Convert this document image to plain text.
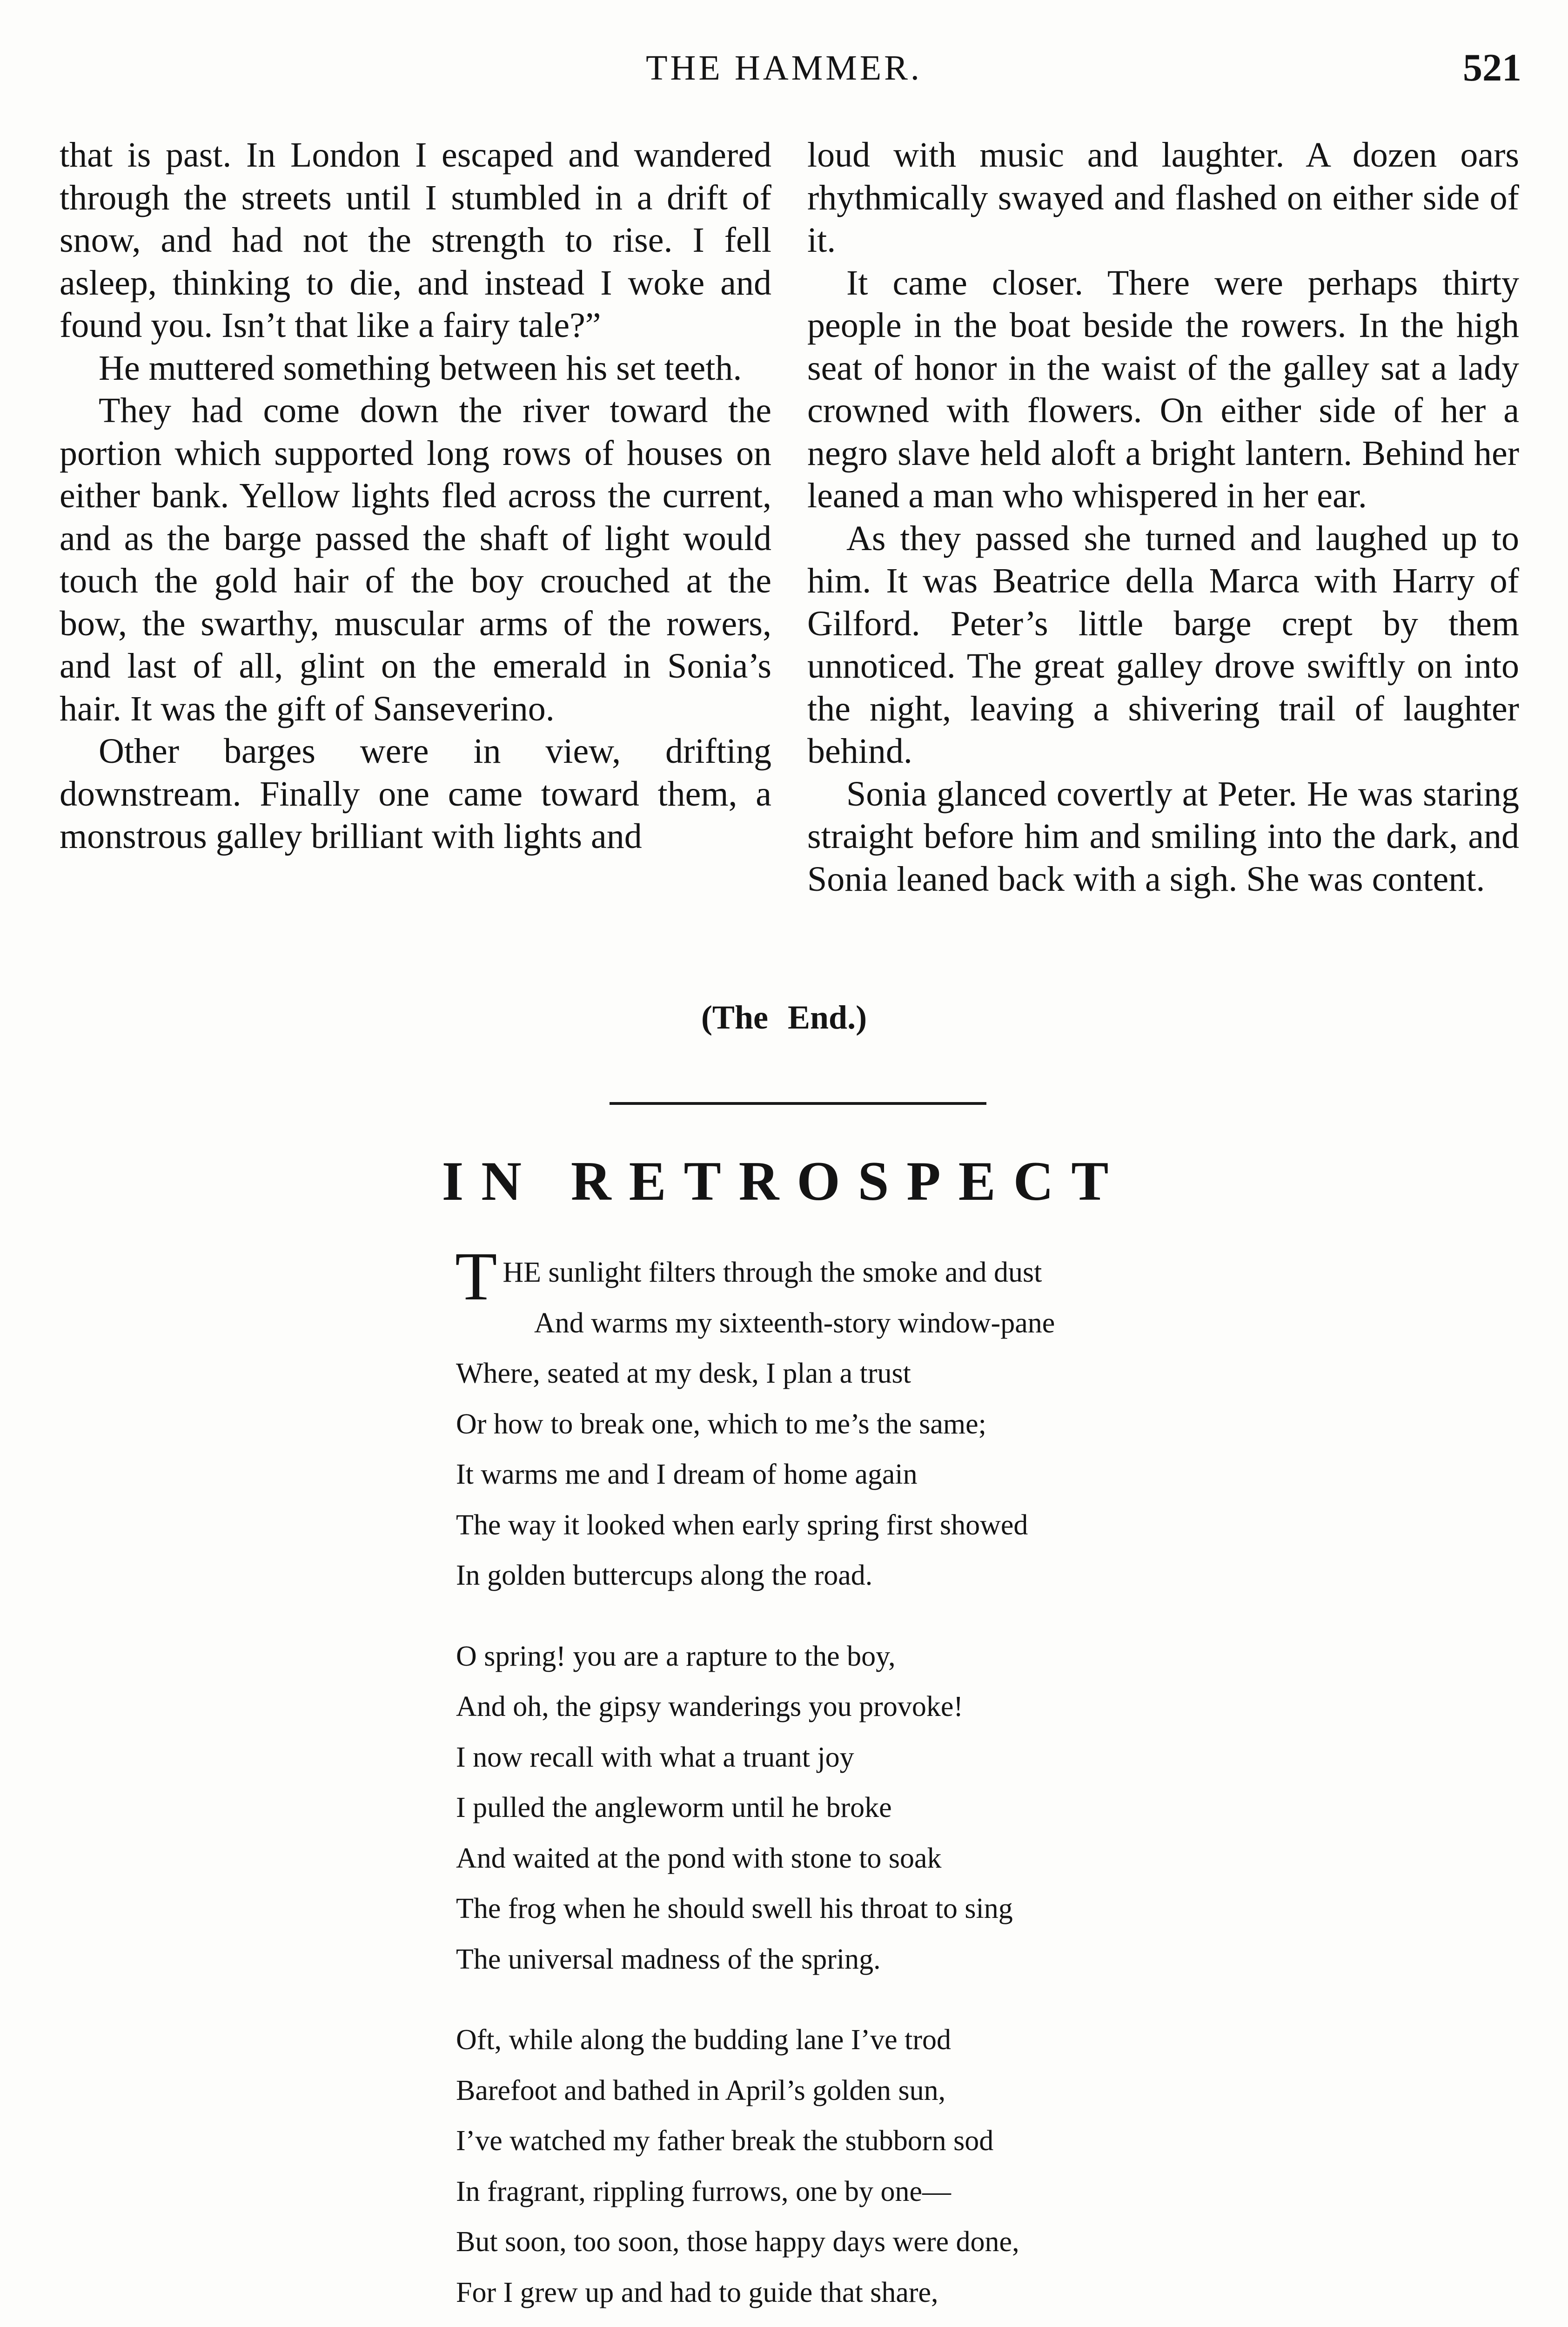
THE HAMMER.	521

that is past. In London I escaped and wandered through the streets until I stumbled in a drift of snow, and had not the strength to rise. I fell asleep, thinking to die, and instead I woke and found you. Isn’t that like a fairy tale?”

He muttered something between his set teeth.

They had come down the river toward the portion which supported long rows of houses on either bank. Yellow lights fled across the current, and as the barge passed the shaft of light would touch the gold hair of the boy crouched at the bow, the swarthy, muscular arms of the rowers, and last of all, glint on the emerald in Sonia’s hair. It was the gift of Sanseverino.

Other barges were in view, drifting downstream. Finally one came toward them, a monstrous galley brilliant with lights and

loud with music and laughter. A dozen oars rhythmically swayed and flashed on either side of it.

It came closer. There were perhaps thirty people in the boat beside the rowers. In the high seat of honor in the waist of the galley sat a lady crowned with flowers. On either side of her a negro slave held aloft a bright lantern. Behind her leaned a man who whispered in her ear.

As they passed she turned and laughed up to him. It was Beatrice della Marca with Harry of Gilford. Peter’s little barge crept by them unnoticed. The great galley drove swiftly on into the night, leaving a shivering trail of laughter behind.

Sonia glanced covertly at Peter. He was staring straight before him and smiling into the dark, and Sonia leaned back with a sigh. She was content.

(The End.)
IN RETROSPECT
THE sunlight filters through the smoke and dust
And warms my sixteenth-story window-pane
Where, seated at my desk, I plan a trust
Or how to break one, which to me’s the same;
It warms me and I dream of home again
The way it looked when early spring first showed
In golden buttercups along the road.
O spring! you are a rapture to the boy,
And oh, the gipsy wanderings you provoke!
I now recall with what a truant joy
I pulled the angleworm until he broke
And waited at the pond with stone to soak
The frog when he should swell his throat to sing
The universal madness of the spring.
Oft, while along the budding lane I’ve trod
Barefoot and bathed in April’s golden sun,
I’ve watched my father break the stubborn sod
In fragrant, rippling furrows, one by one—
But soon, too soon, those happy days were done,
For I grew up and had to guide that share,
